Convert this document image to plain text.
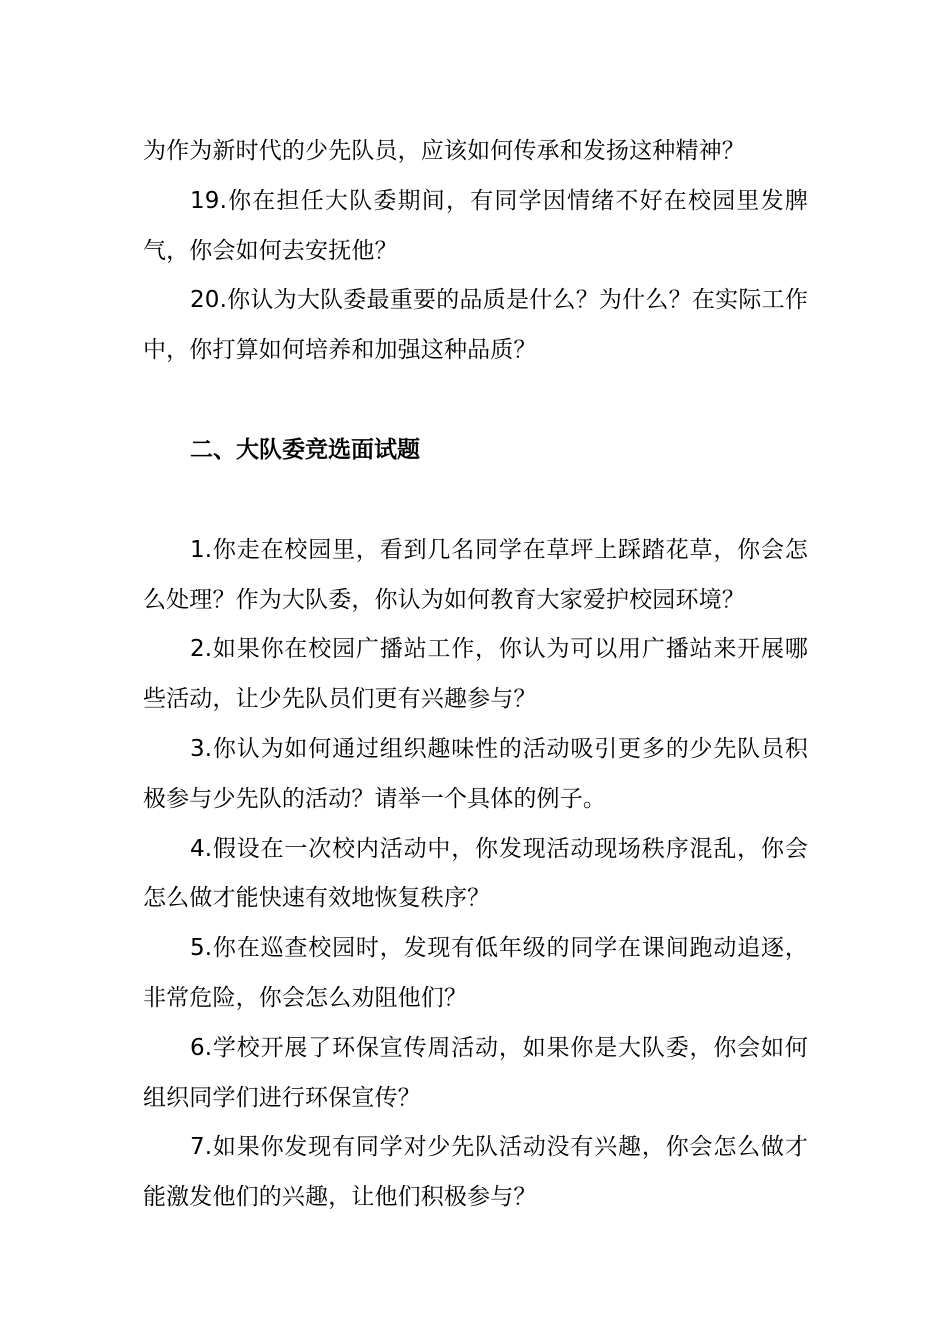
为作为新时代的少先队员，应该如何传承和发扬这种精神？

19.你在担任大队委期间，有同学因情绪不好在校园里发脾气，你会如何去安抚他？

20.你认为大队委最重要的品质是什么？为什么？在实际工作中，你打算如何培养和加强这种品质？

二、大队委竞选面试题

1.你走在校园里，看到几名同学在草坪上踩踏花草，你会怎么处理？作为大队委，你认为如何教育大家爱护校园环境？

2.如果你在校园广播站工作，你认为可以用广播站来开展哪些活动，让少先队员们更有兴趣参与？

3.你认为如何通过组织趣味性的活动吸引更多的少先队员积极参与少先队的活动？请举一个具体的例子。

4.假设在一次校内活动中，你发现活动现场秩序混乱，你会怎么做才能快速有效地恢复秩序？

5.你在巡查校园时，发现有低年级的同学在课间跑动追逐，非常危险，你会怎么劝阻他们？

6.学校开展了环保宣传周活动，如果你是大队委，你会如何组织同学们进行环保宣传？

7.如果你发现有同学对少先队活动没有兴趣，你会怎么做才能激发他们的兴趣，让他们积极参与？
